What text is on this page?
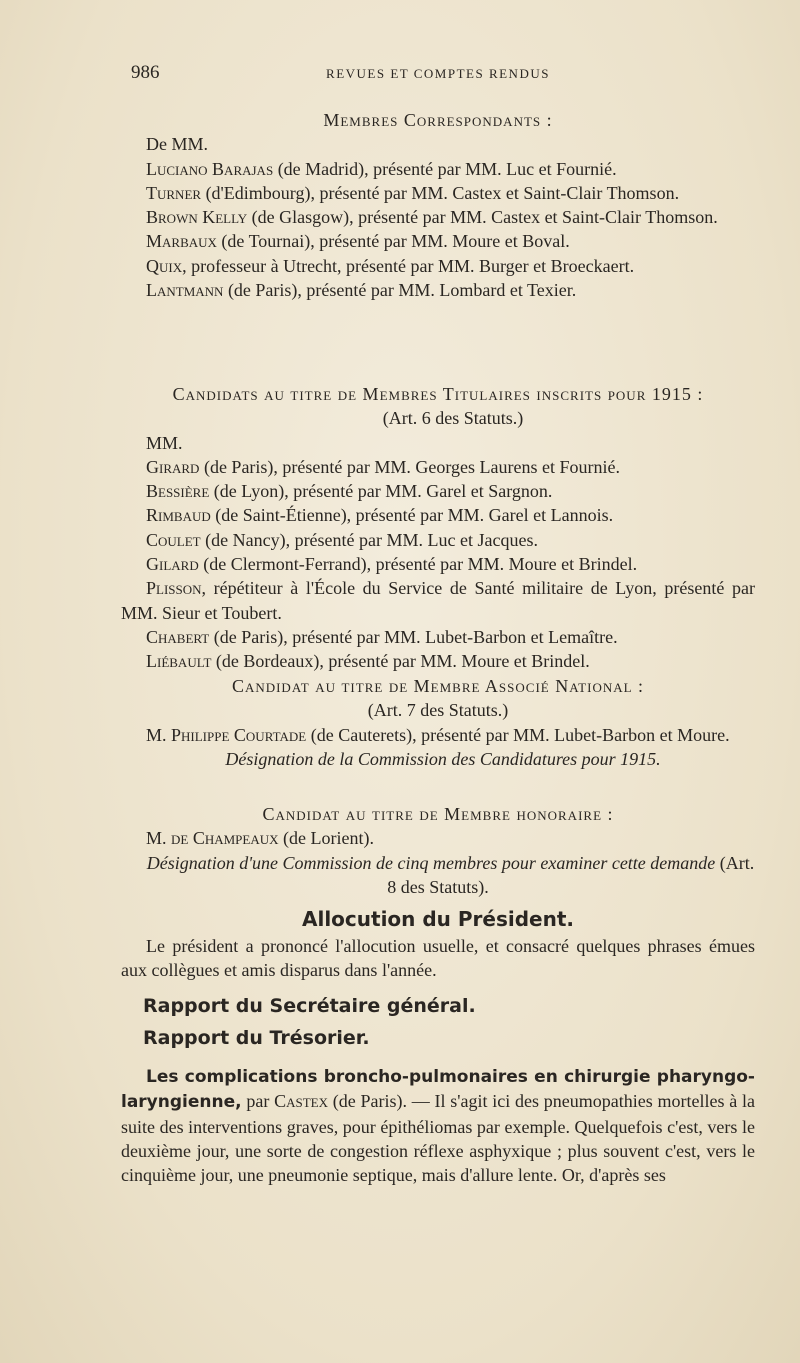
986	REVUES ET COMPTES RENDUS

Membres Correspondants :

De MM.

Luciano Barajas (de Madrid), présenté par MM. Luc et Fournié.

Turner (d'Edimbourg), présenté par MM. Castex et Saint-Clair Thomson.

Brown Kelly (de Glasgow), présenté par MM. Castex et Saint-Clair Thomson.

Marbaux (de Tournai), présenté par MM. Moure et Boval.

Quix, professeur à Utrecht, présenté par MM. Burger et Broeckaert.

Lantmann (de Paris), présenté par MM. Lombard et Texier.

Candidats au titre de Membres Titulaires inscrits pour 1915 :

(Art. 6 des Statuts.)

MM.

Girard (de Paris), présenté par MM. Georges Laurens et Fournié.

Bessière (de Lyon), présenté par MM. Garel et Sargnon.

Rimbaud (de Saint-Étienne), présenté par MM. Garel et Lannois.

Coulet (de Nancy), présenté par MM. Luc et Jacques.

Gilard (de Clermont-Ferrand), présenté par MM. Moure et Brindel.

Plisson, répétiteur à l'École du Service de Santé militaire de Lyon, présenté par MM. Sieur et Toubert.

Chabert (de Paris), présenté par MM. Lubet-Barbon et Lemaître.

Liébault (de Bordeaux), présenté par MM. Moure et Brindel.

Candidat au titre de Membre Associé National :

(Art. 7 des Statuts.)

M. Philippe Courtade (de Cauterets), présenté par MM. Lubet-Barbon et Moure.

Désignation de la Commission des Candidatures pour 1915.

Candidat au titre de Membre honoraire :

M. de Champeaux (de Lorient).

Désignation d'une Commission de cinq membres pour examiner cette demande (Art. 8 des Statuts).

Allocution du Président.

Le président a prononcé l'allocution usuelle, et consacré quelques phrases émues aux collègues et amis disparus dans l'année.

Rapport du Secrétaire général.
Rapport du Trésorier.

Les complications broncho-pulmonaires en chirurgie pharyngo-laryngienne, par Castex (de Paris). — Il s'agit ici des pneumopathies mortelles à la suite des interventions graves, pour épithéliomas par exemple. Quelquefois c'est, vers le deuxième jour, une sorte de congestion réflexe asphyxique ; plus souvent c'est, vers le cinquième jour, une pneumonie septique, mais d'allure lente. Or, d'après ses
